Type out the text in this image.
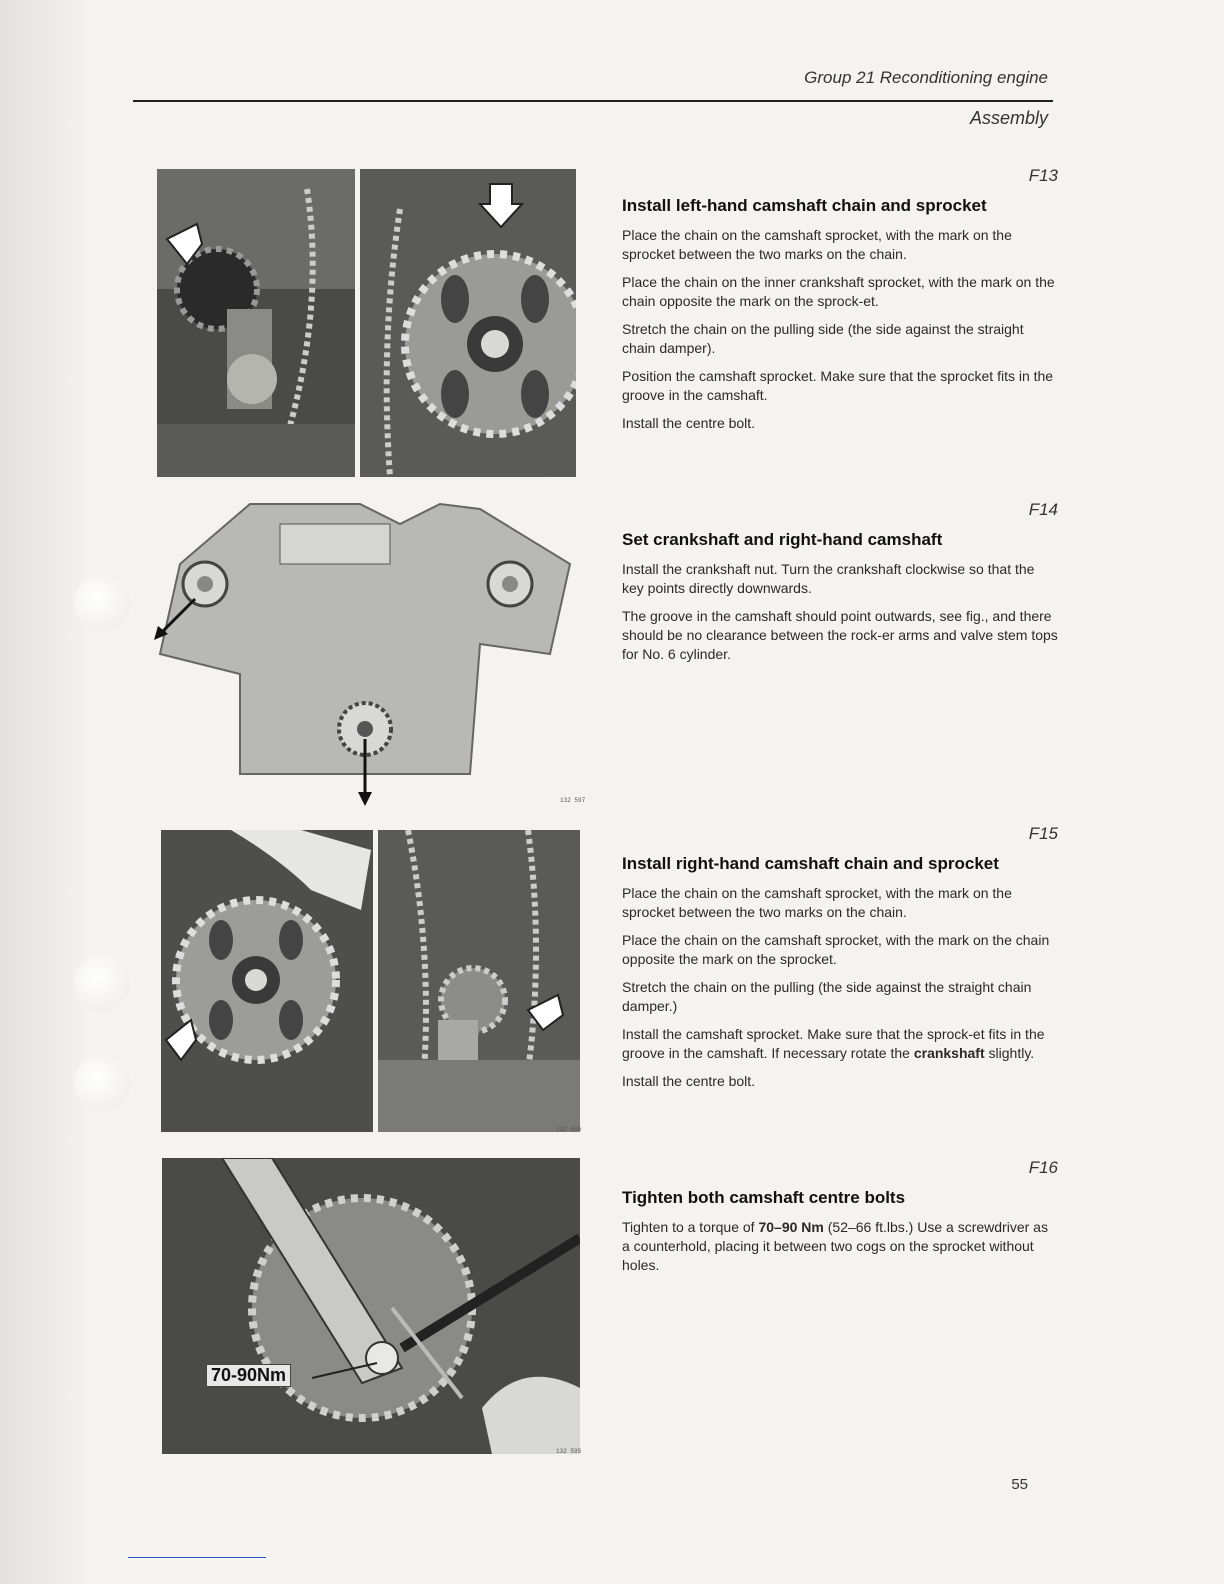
Group 21 Reconditioning engine
Assembly
132 598
132 597
132 596
70-90Nm
132 595
F13
Install left-hand camshaft chain and sprocket

Place the chain on the camshaft sprocket, with the mark on the sprocket between the two marks on the chain.

Place the chain on the inner crankshaft sprocket, with the mark on the chain opposite the mark on the sprock-et.

Stretch the chain on the pulling side (the side against the straight chain damper).

Position the camshaft sprocket. Make sure that the sprocket fits in the groove in the camshaft.

Install the centre bolt.

F14
Set crankshaft and right-hand camshaft

Install the crankshaft nut. Turn the crankshaft clockwise so that the key points directly downwards.

The groove in the camshaft should point outwards, see fig., and there should be no clearance between the rock-er arms and valve stem tops for No. 6 cylinder.

F15
Install right-hand camshaft chain and sprocket

Place the chain on the camshaft sprocket, with the mark on the sprocket between the two marks on the chain.

Place the chain on the camshaft sprocket, with the mark on the chain opposite the mark on the sprocket.

Stretch the chain on the pulling (the side against the straight chain damper.)

Install the camshaft sprocket. Make sure that the sprock-et fits in the groove in the camshaft. If necessary rotate the crankshaft slightly.

Install the centre bolt.

F16
Tighten both camshaft centre bolts

Tighten to a torque of 70–90 Nm (52–66 ft.lbs.) Use a screwdriver as a counterhold, placing it between two cogs on the sprocket without holes.

55
